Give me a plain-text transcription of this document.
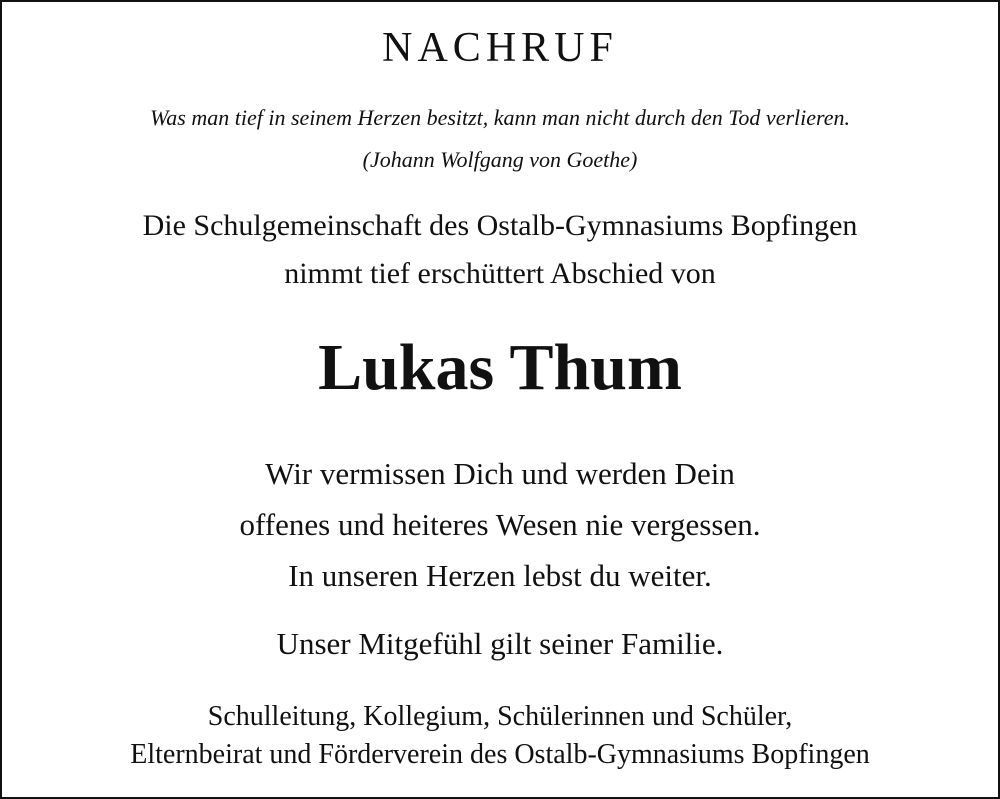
NACHRUF
Was man tief in seinem Herzen besitzt, kann man nicht durch den Tod verlieren.
(Johann Wolfgang von Goethe)
Die Schulgemeinschaft des Ostalb-Gymnasiums Bopfingen
nimmt tief erschüttert Abschied von
Lukas Thum
Wir vermissen Dich und werden Dein
offenes und heiteres Wesen nie vergessen.
In unseren Herzen lebst du weiter.
Unser Mitgefühl gilt seiner Familie.
Schulleitung, Kollegium, Schülerinnen und Schüler,
Elternbeirat und Förderverein des Ostalb-Gymnasiums Bopfingen
